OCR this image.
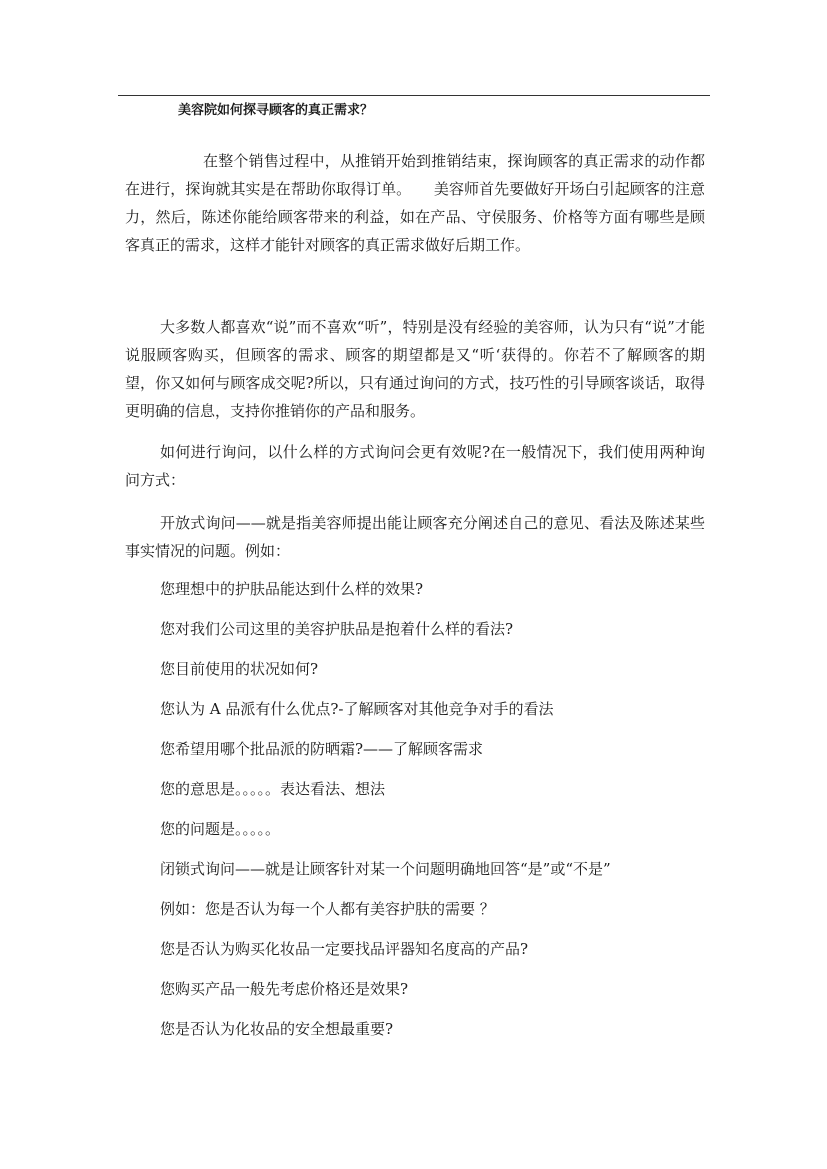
美容院如何探寻顾客的真正需求？

在整个销售过程中，从推销开始到推销结束，探询顾客的真正需求的动作都在进行，探询就其实是在帮助你取得订单。　　美容师首先要做好开场白引起顾客的注意力，然后，陈述你能给顾客带来的利益，如在产品、守侯服务、价格等方面有哪些是顾客真正的需求，这样才能针对顾客的真正需求做好后期工作。

大多数人都喜欢“说”而不喜欢“听”，特别是没有经验的美容师，认为只有“说”才能说服顾客购买，但顾客的需求、顾客的期望都是又“听‘获得的。你若不了解顾客的期望，你又如何与顾客成交呢?所以，只有通过询问的方式，技巧性的引导顾客谈话，取得更明确的信息，支持你推销你的产品和服务。

如何进行询问，以什么样的方式询问会更有效呢?在一般情况下，我们使用两种询问方式：

开放式询问——就是指美容师提出能让顾客充分阐述自己的意见、看法及陈述某些事实情况的问题。例如：

您理想中的护肤品能达到什么样的效果?

您对我们公司这里的美容护肤品是抱着什么样的看法?

您目前使用的状况如何?

您认为 A 品派有什么优点?-了解顾客对其他竞争对手的看法

您希望用哪个批品派的防晒霜?——了解顾客需求

您的意思是。。。。。表达看法、想法

您的问题是。。。。。

闭锁式询问——就是让顾客针对某一个问题明确地回答“是”或“不是”

例如：您是否认为每一个人都有美容护肤的需要 ？

您是否认为购买化妆品一定要找品评器知名度高的产品?

您购买产品一般先考虑价格还是效果?

您是否认为化妆品的安全想最重要?
